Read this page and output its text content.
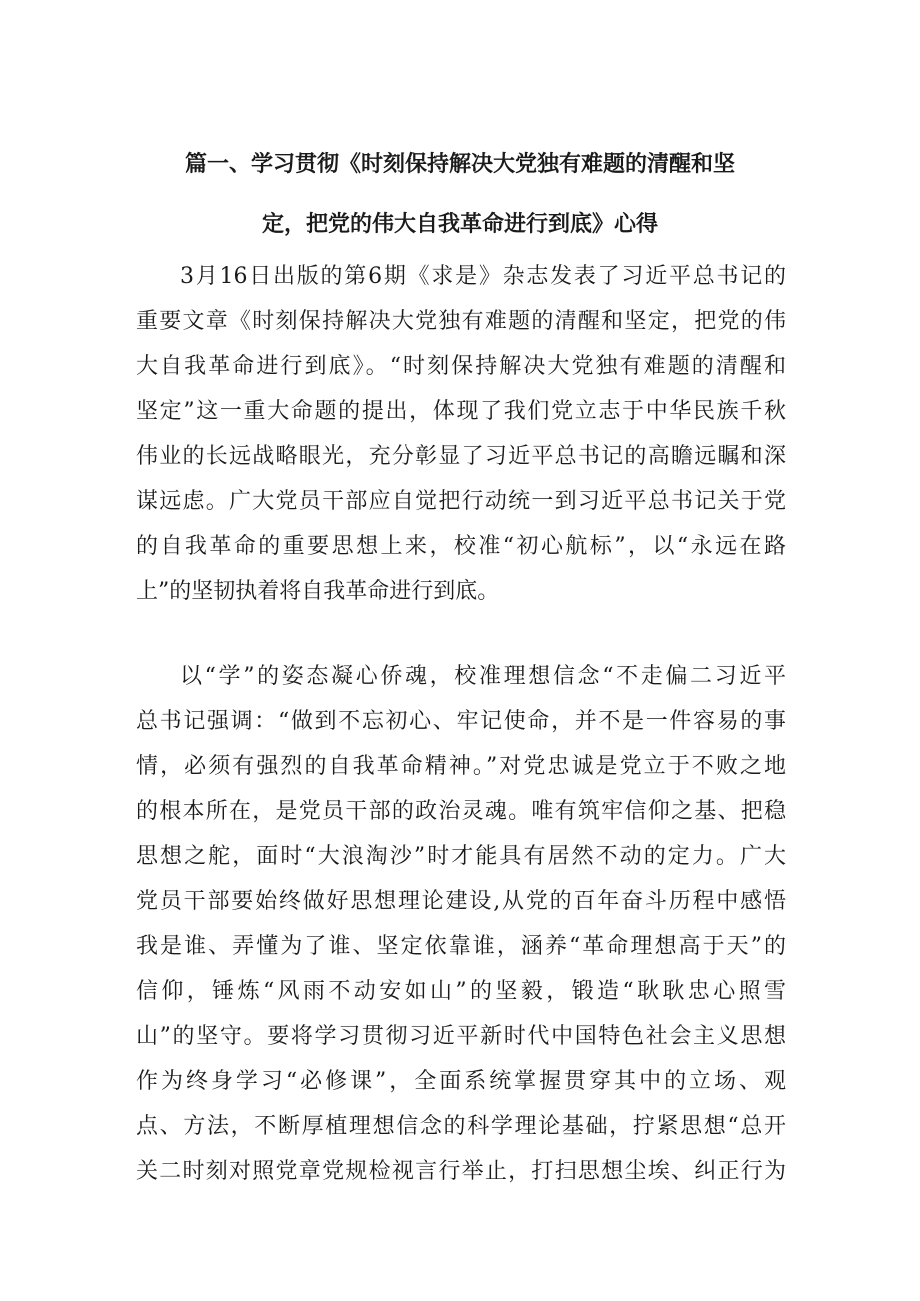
篇一、学习贯彻《时刻保持解决大党独有难题的清醒和坚
定，把党的伟大自我革命进行到底》心得
3月16日出版的第6期《求是》杂志发表了习近平总书记的
重要文章《时刻保持解决大党独有难题的清醒和坚定，把党的伟
大自我革命进行到底》。“时刻保持解决大党独有难题的清醒和
坚定”这一重大命题的提出，体现了我们党立志于中华民族千秋
伟业的长远战略眼光，充分彰显了习近平总书记的高瞻远瞩和深
谋远虑。广大党员干部应自觉把行动统一到习近平总书记关于党
的自我革命的重要思想上来，校准“初心航标”，以“永远在路
上”的坚韧执着将自我革命进行到底。
以“学”的姿态凝心侨魂，校准理想信念“不走偏二习近平
总书记强调：“做到不忘初心、牢记使命，并不是一件容易的事
情，必须有强烈的自我革命精神。”对党忠诚是党立于不败之地
的根本所在，是党员干部的政治灵魂。唯有筑牢信仰之基、把稳
思想之舵，面时“大浪淘沙”时才能具有居然不动的定力。广大
党员干部要始终做好思想理论建设,从党的百年奋斗历程中感悟
我是谁、弄懂为了谁、坚定依靠谁，涵养“革命理想高于天”的
信仰，锤炼“风雨不动安如山”的坚毅，锻造“耿耿忠心照雪
山”的坚守。要将学习贯彻习近平新时代中国特色社会主义思想
作为终身学习“必修课”，全面系统掌握贯穿其中的立场、观
点、方法，不断厚植理想信念的科学理论基础，拧紧思想“总开
关二时刻对照党章党规检视言行举止，打扫思想尘埃、纠正行为
